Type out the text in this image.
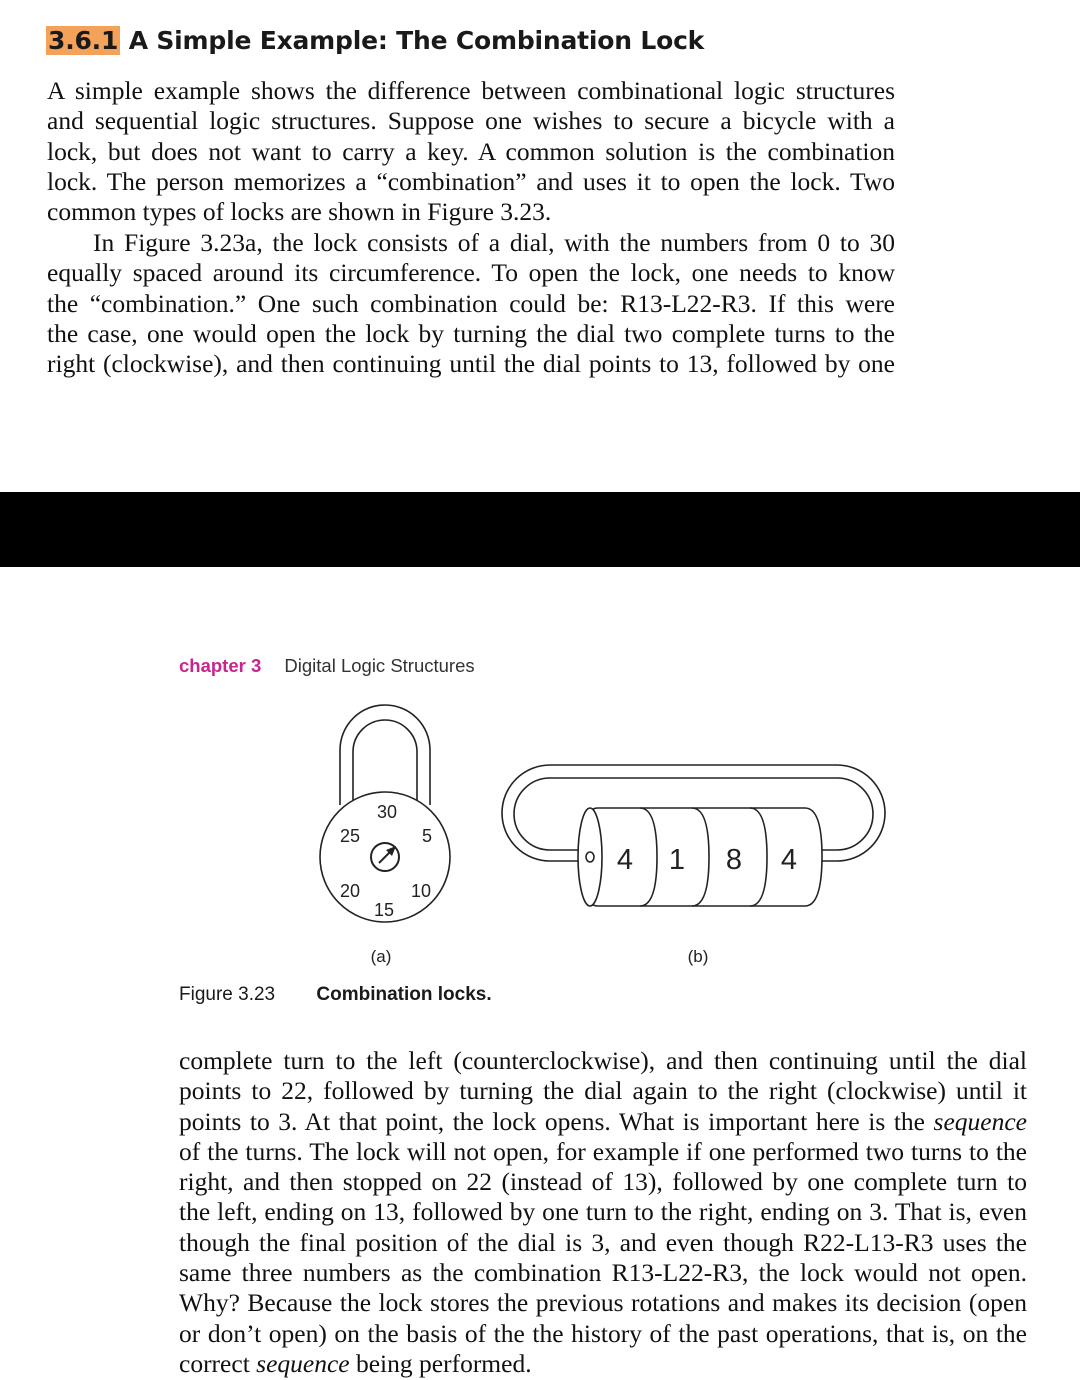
3.6.1 A Simple Example: The Combination Lock

A simple example shows the difference between combinational logic structures
and sequential logic structures. Suppose one wishes to secure a bicycle with a
lock, but does not want to carry a key. A common solution is the combination
lock. The person memorizes a “combination” and uses it to open the lock. Two
common types of locks are shown in Figure 3.23.

In Figure 3.23a, the lock consists of a dial, with the numbers from 0 to 30
equally spaced around its circumference. To open the lock, one needs to know
the “combination.” One such combination could be: R13-L22-R3. If this were
the case, one would open the lock by turning the dial two complete turns to the
right (clockwise), and then continuing until the dial points to 13, followed by one

chapter 3 Digital Logic Structures
30
5
10
15
20
25
4 1 8 4
(a)	(b)
Figure 3.23 Combination locks.

complete turn to the left (counterclockwise), and then continuing until the dial
points to 22, followed by turning the dial again to the right (clockwise) until it
points to 3. At that point, the lock opens. What is important here is the sequence
of the turns. The lock will not open, for example if one performed two turns to the
right, and then stopped on 22 (instead of 13), followed by one complete turn to
the left, ending on 13, followed by one turn to the right, ending on 3. That is, even
though the final position of the dial is 3, and even though R22-L13-R3 uses the
same three numbers as the combination R13-L22-R3, the lock would not open.
Why? Because the lock stores the previous rotations and makes its decision (open
or don’t open) on the basis of the the history of the past operations, that is, on the
correct sequence being performed.
